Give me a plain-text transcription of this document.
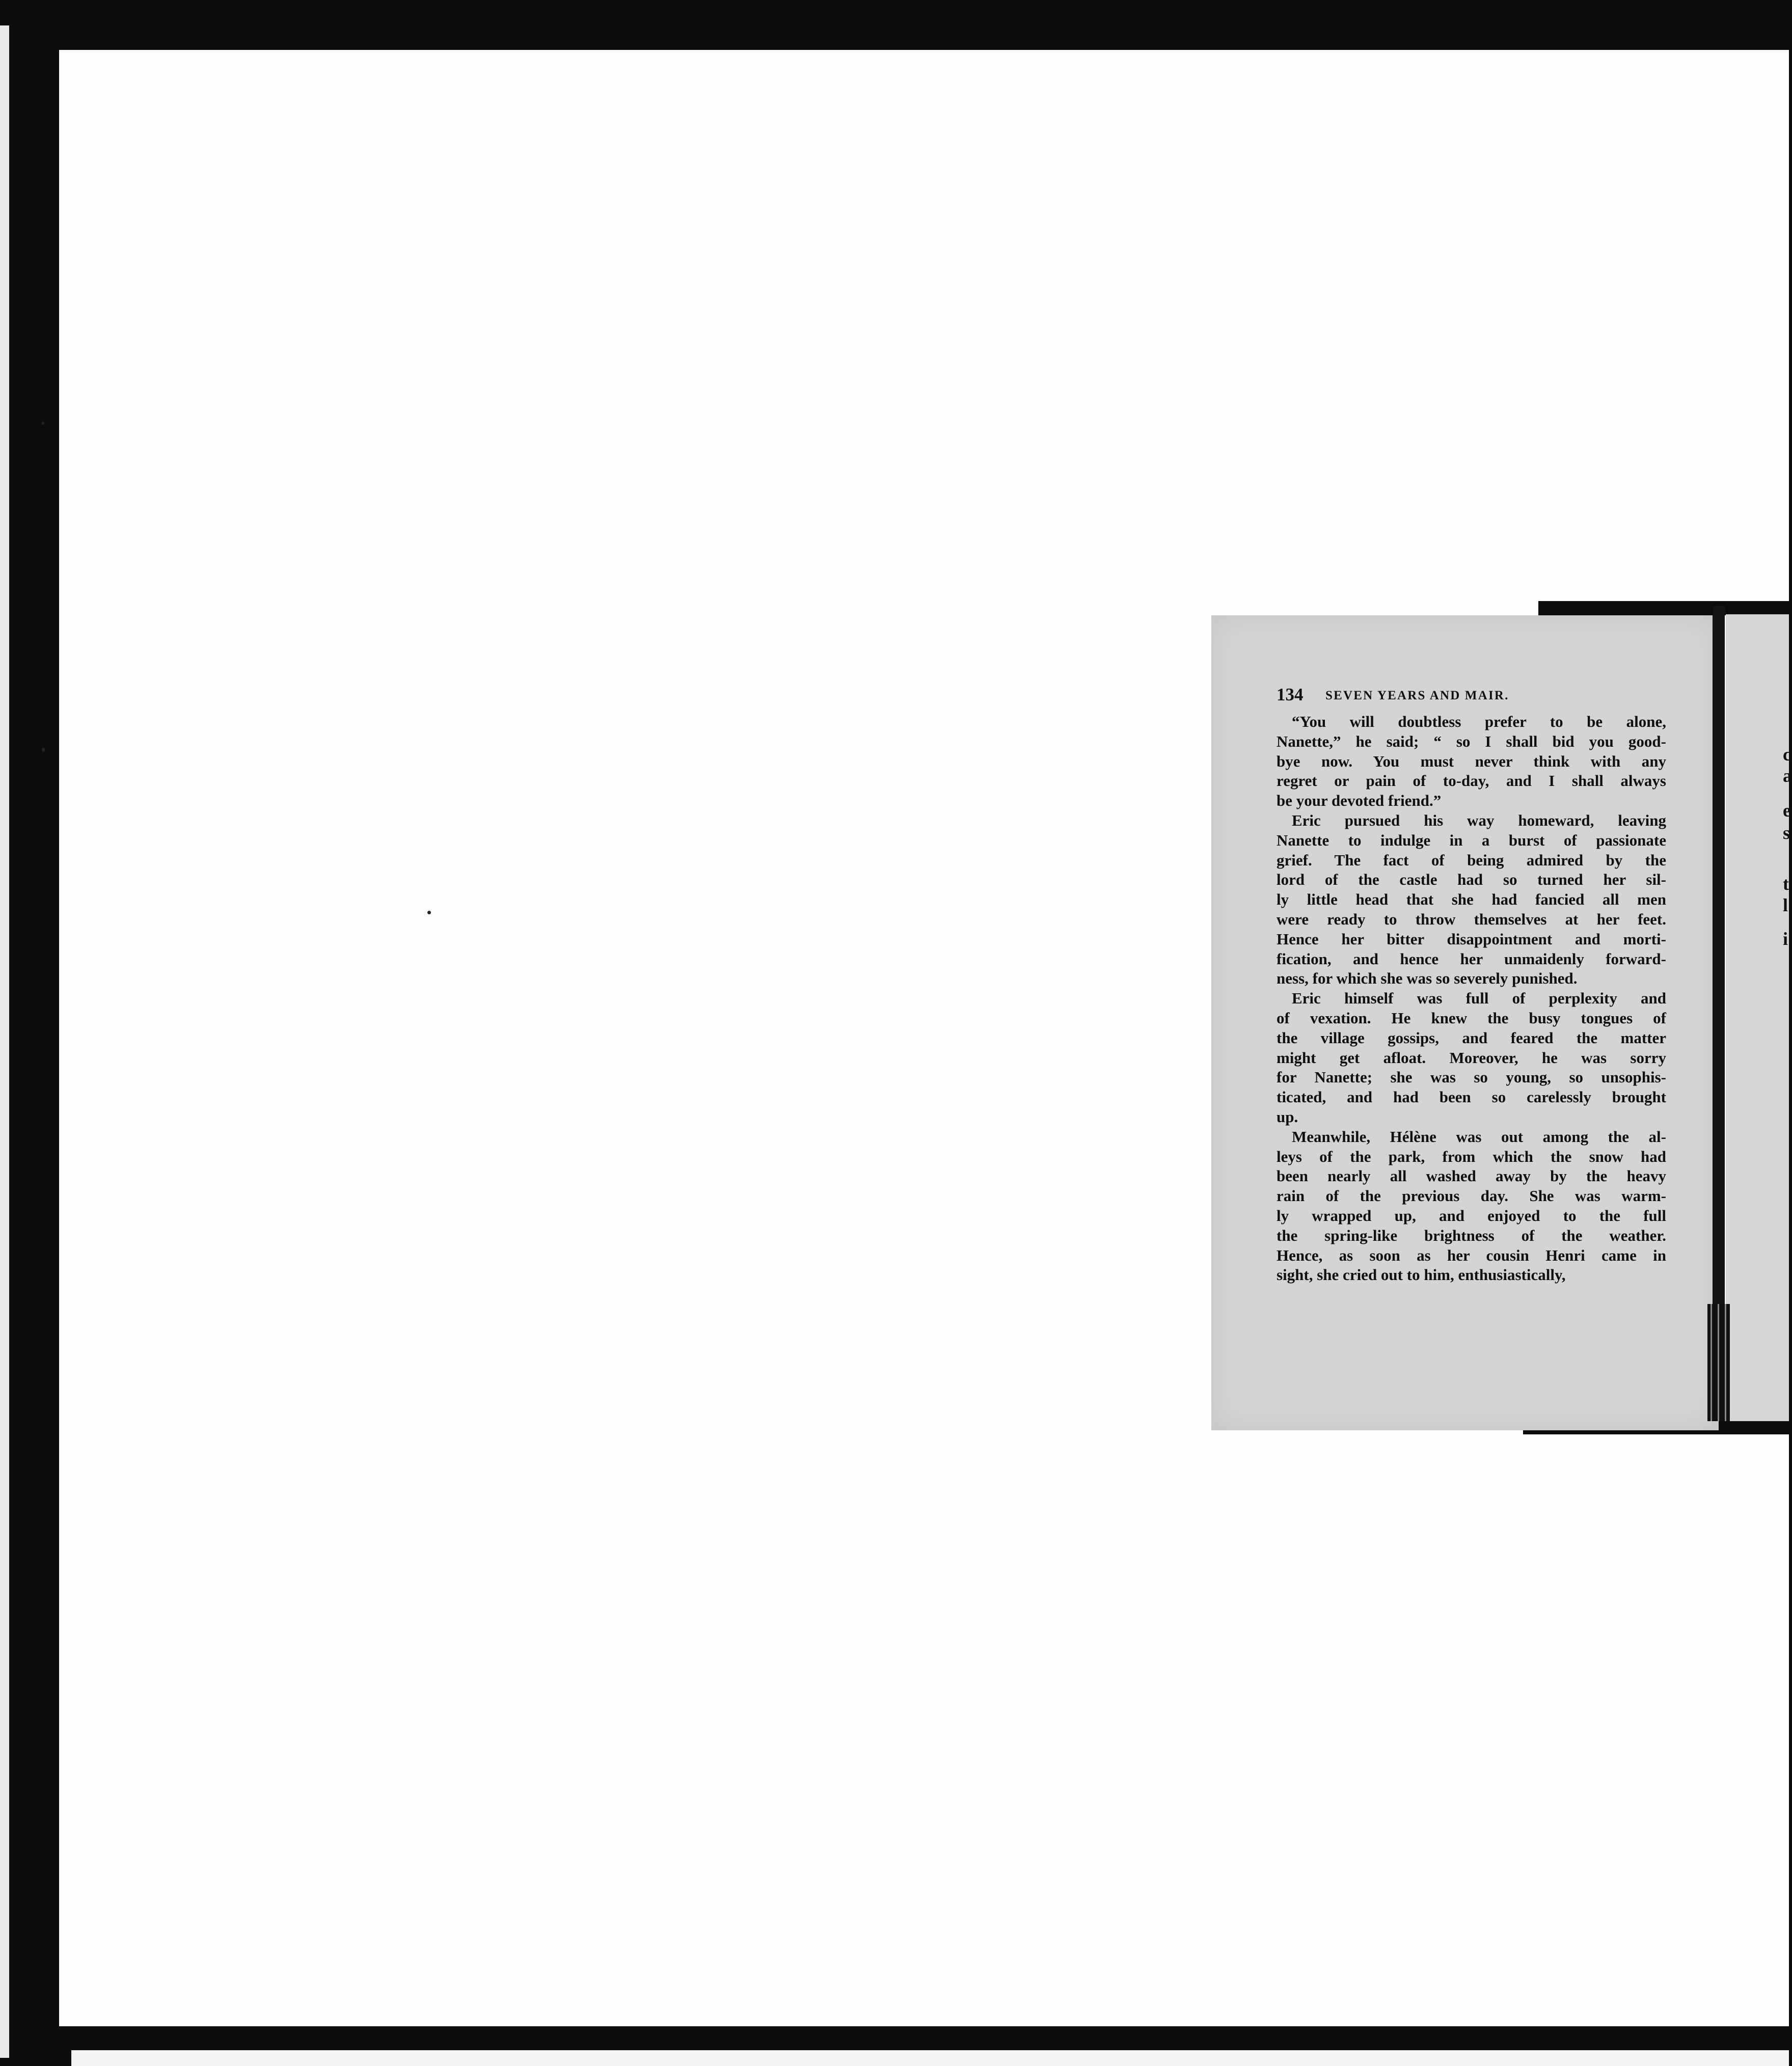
134 SEVEN YEARS AND MAIR.
“You will doubtless prefer to be alone,
Nanette,” he said; “ so I shall bid you good-
bye now. You must never think with any
regret or pain of to-day, and I shall always
be your devoted friend.”
Eric pursued his way homeward, leaving
Nanette to indulge in a burst of passionate
grief. The fact of being admired by the
lord of the castle had so turned her sil-
ly little head that she had fancied all men
were ready to throw themselves at her feet.
Hence her bitter disappointment and morti-
fication, and hence her unmaidenly forward-
ness, for which she was so severely punished.
Eric himself was full of perplexity and
of vexation. He knew the busy tongues of
the village gossips, and feared the matter
might get afloat. Moreover, he was sorry
for Nanette; she was so young, so unsophis-
ticated, and had been so carelessly brought
up.
Meanwhile, Hélène was out among the al-
leys of the park, from which the snow had
been nearly all washed away by the heavy
rain of the previous day. She was warm-
ly wrapped up, and enjoyed to the full
the spring-like brightness of the weather.
Hence, as soon as her cousin Henri came in
sight, she cried out to him, enthusiastically,
c
a
e
s
t
l
i
